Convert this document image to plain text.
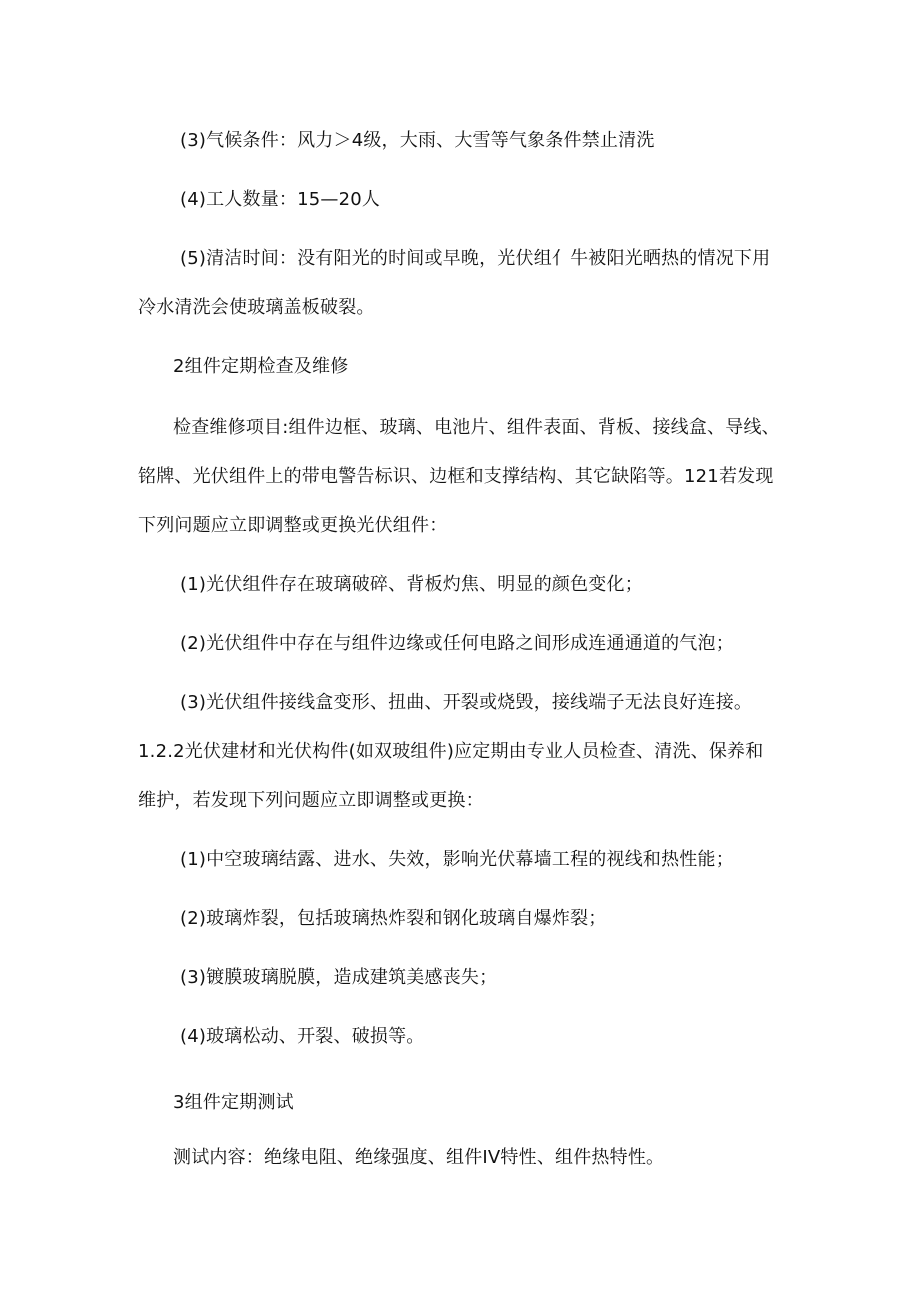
(3)气候条件：风力＞4级，大雨、大雪等气象条件禁止清洗
(4)工人数量：15—20人
(5)清洁时间：没有阳光的时间或早晚，光伏组亻牛被阳光晒热的情况下用
冷水清洗会使玻璃盖板破裂。
2组件定期检查及维修
检查维修项目:组件边框、玻璃、电池片、组件表面、背板、接线盒、导线、
铭牌、光伏组件上的带电警告标识、边框和支撑结构、其它缺陷等。121若发现
下列问题应立即调整或更换光伏组件：
(1)光伏组件存在玻璃破碎、背板灼焦、明显的颜色变化；
(2)光伏组件中存在与组件边缘或任何电路之间形成连通通道的气泡；
(3)光伏组件接线盒变形、扭曲、开裂或烧毁，接线端子无法良好连接。
1.2.2光伏建材和光伏构件(如双玻组件)应定期由专业人员检查、清洗、保养和
维护，若发现下列问题应立即调整或更换：
(1)中空玻璃结露、进水、失效，影响光伏幕墙工程的视线和热性能；
(2)玻璃炸裂，包括玻璃热炸裂和钢化玻璃自爆炸裂；
(3)镀膜玻璃脱膜，造成建筑美感丧失；
(4)玻璃松动、开裂、破损等。
3组件定期测试
测试内容：绝缘电阻、绝缘强度、组件IV特性、组件热特性。
